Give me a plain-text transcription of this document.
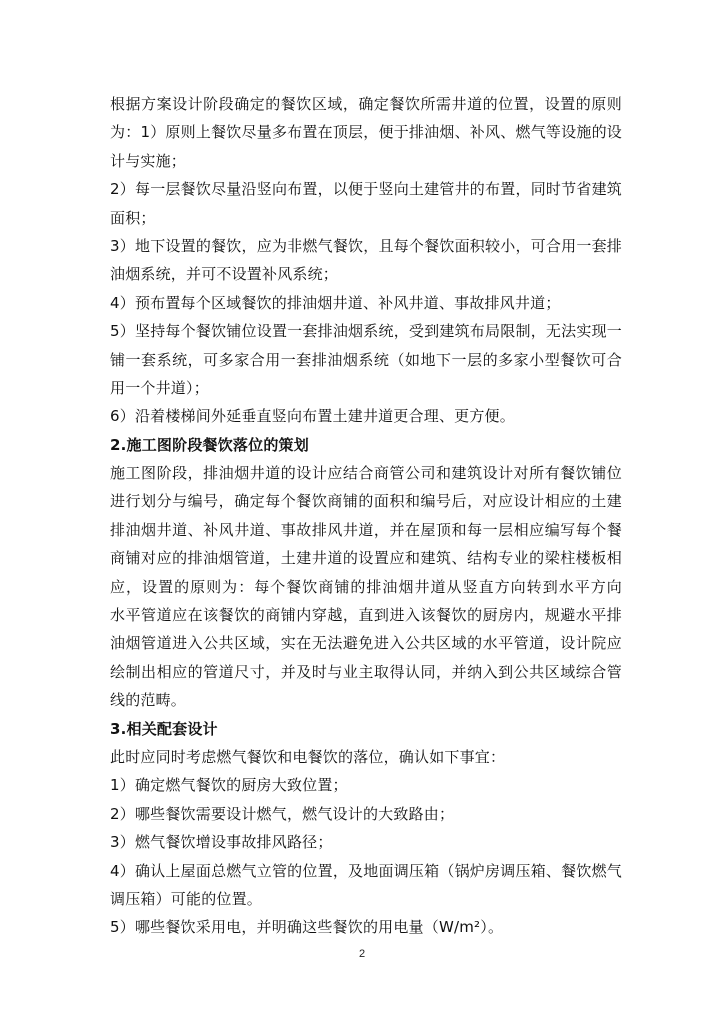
根据方案设计阶段确定的餐饮区域，确定餐饮所需井道的位置，设置的原则
为：1）原则上餐饮尽量多布置在顶层，便于排油烟、补风、燃气等设施的设
计与实施；
2）每一层餐饮尽量沿竖向布置，以便于竖向土建管井的布置，同时节省建筑
面积；
3）地下设置的餐饮，应为非燃气餐饮，且每个餐饮面积较小，可合用一套排
油烟系统，并可不设置补风系统；
4）预布置每个区域餐饮的排油烟井道、补风井道、事故排风井道；
5）坚持每个餐饮铺位设置一套排油烟系统，受到建筑布局限制，无法实现一
铺一套系统，可多家合用一套排油烟系统（如地下一层的多家小型餐饮可合
用一个井道）；
6）沿着楼梯间外延垂直竖向布置土建井道更合理、更方便。
2.施工图阶段餐饮落位的策划
施工图阶段，排油烟井道的设计应结合商管公司和建筑设计对所有餐饮铺位
进行划分与编号，确定每个餐饮商铺的面积和编号后，对应设计相应的土建
排油烟井道、补风井道、事故排风井道，并在屋顶和每一层相应编写每个餐
商铺对应的排油烟管道，土建井道的设置应和建筑、结构专业的梁柱楼板相
应，设置的原则为：每个餐饮商铺的排油烟井道从竖直方向转到水平方向
水平管道应在该餐饮的商铺内穿越，直到进入该餐饮的厨房内，规避水平排
油烟管道进入公共区域，实在无法避免进入公共区域的水平管道，设计院应
绘制出相应的管道尺寸，并及时与业主取得认同，并纳入到公共区域综合管
线的范畴。
3.相关配套设计
此时应同时考虑燃气餐饮和电餐饮的落位，确认如下事宜：
1）确定燃气餐饮的厨房大致位置；
2）哪些餐饮需要设计燃气，燃气设计的大致路由；
3）燃气餐饮增设事故排风路径；
4）确认上屋面总燃气立管的位置，及地面调压箱（锅炉房调压箱、餐饮燃气
调压箱）可能的位置。
5）哪些餐饮采用电，并明确这些餐饮的用电量（W/m²）。
2
